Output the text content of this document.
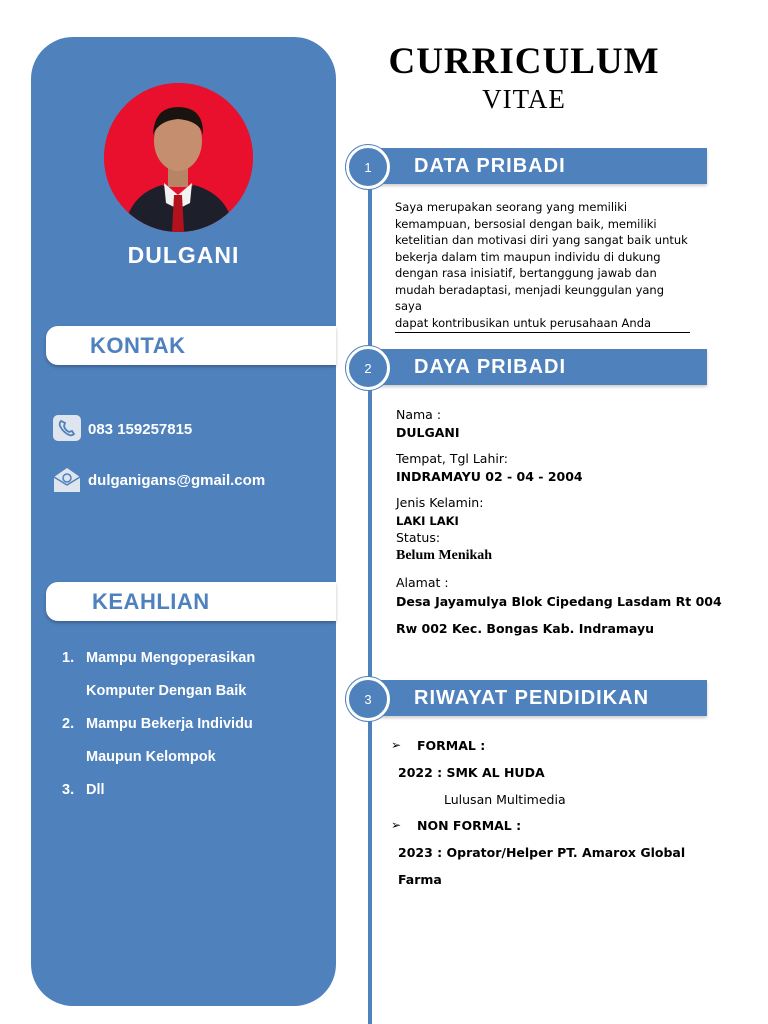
DULGANI
KONTAK
083 159257815
dulganigans@gmail.com
KEAHLIAN
1. Mampu Mengoperasikan
Komputer Dengan Baik
2. Mampu Bekerja Individu
Maupun Kelompok
3. Dll
CURRICULUM
VITAE
DATA PRIBADI
1

Saya merupakan seorang yang memiliki

kemampuan, bersosial dengan baik, memiliki

ketelitian dan motivasi diri yang sangat baik untuk

bekerja dalam tim maupun individu di dukung

dengan rasa inisiatif, bertanggung jawab dan

mudah beradaptasi, menjadi keunggulan yang saya

dapat kontribusikan untuk perusahaan Anda

DAYA PRIBADI
2
Nama :
DULGANI
Tempat, Tgl Lahir:
INDRAMAYU 02 - 04 - 2004
Jenis Kelamin:
LAKI LAKI
Status:
Belum Menikah
Alamat :
Desa Jayamulya Blok Cipedang Lasdam Rt 004
Rw 002 Kec. Bongas Kab. Indramayu
RIWAYAT PENDIDIKAN
3
➢ FORMAL :
2022 : SMK AL HUDA
Lulusan Multimedia
➢ NON FORMAL :
2023 : Oprator/Helper PT. Amarox Global
Farma
